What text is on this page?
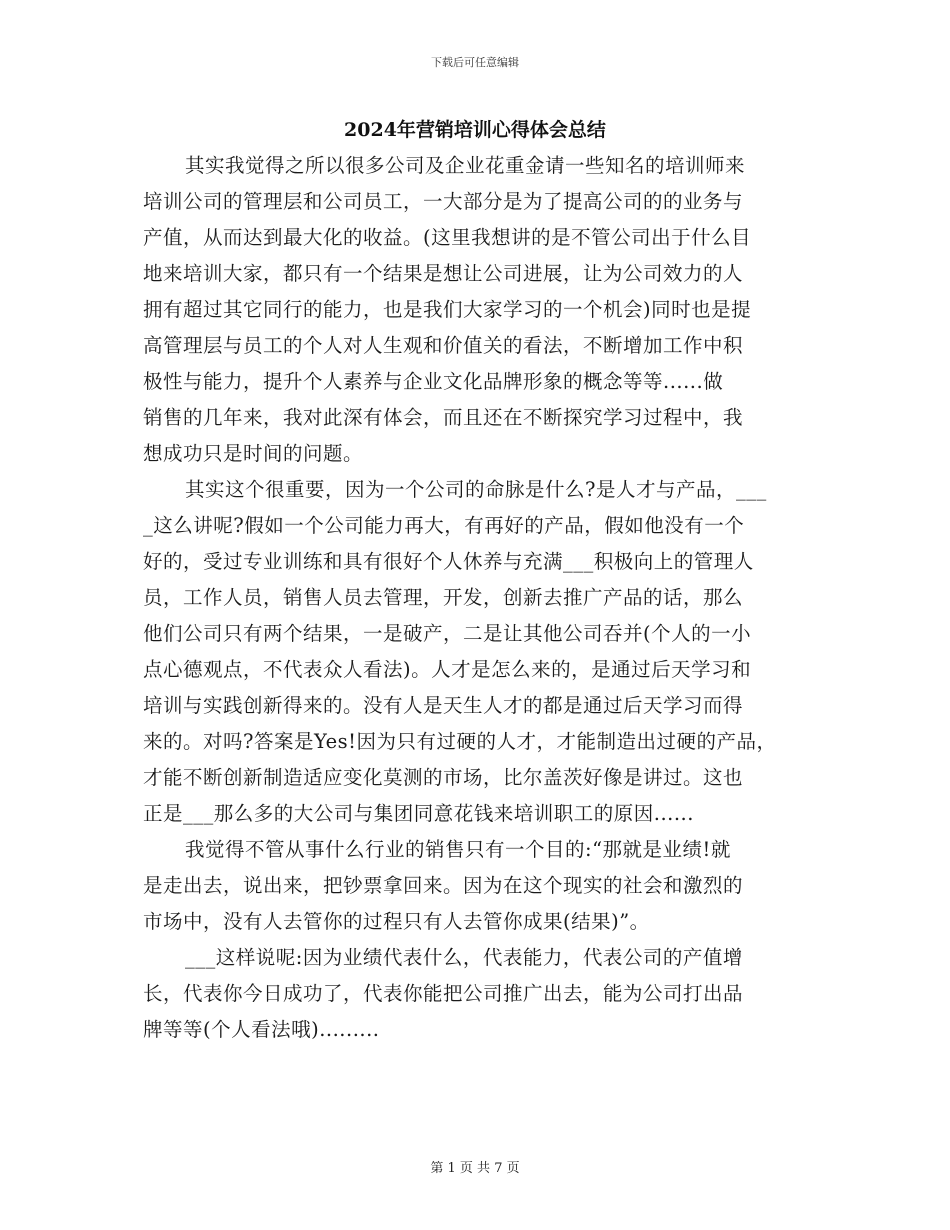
下载后可任意编辑
2024年营销培训心得体会总结
其实我觉得之所以很多公司及企业花重金请一些知名的培训师来
培训公司的管理层和公司员工，一大部分是为了提高公司的的业务与
产值，从而达到最大化的收益。(这里我想讲的是不管公司出于什么目
地来培训大家，都只有一个结果是想让公司进展，让为公司效力的人
拥有超过其它同行的能力，也是我们大家学习的一个机会)同时也是提
高管理层与员工的个人对人生观和价值关的看法，不断增加工作中积
极性与能力，提升个人素养与企业文化品牌形象的概念等等......做
销售的几年来，我对此深有体会，而且还在不断探究学习过程中，我
想成功只是时间的问题。
其实这个很重要，因为一个公司的命脉是什么?是人才与产品，___
_这么讲呢?假如一个公司能力再大，有再好的产品，假如他没有一个
好的，受过专业训练和具有很好个人休养与充满___积极向上的管理人
员，工作人员，销售人员去管理，开发，创新去推广产品的话，那么
他们公司只有两个结果，一是破产，二是让其他公司吞并(个人的一小
点心德观点，不代表众人看法)。人才是怎么来的，是通过后天学习和
培训与实践创新得来的。没有人是天生人才的都是通过后天学习而得
来的。对吗?答案是Yes!因为只有过硬的人才，才能制造出过硬的产品，
才能不断创新制造适应变化莫测的市场，比尔盖茨好像是讲过。这也
正是___那么多的大公司与集团同意花钱来培训职工的原因......
我觉得不管从事什么行业的销售只有一个目的:“那就是业绩!就
是走出去，说出来，把钞票拿回来。因为在这个现实的社会和激烈的
市场中，没有人去管你的过程只有人去管你成果(结果)”。
___这样说呢:因为业绩代表什么，代表能力，代表公司的产值增
长，代表你今日成功了，代表你能把公司推广出去，能为公司打出品
牌等等(个人看法哦).........
第 1 页 共 7 页
